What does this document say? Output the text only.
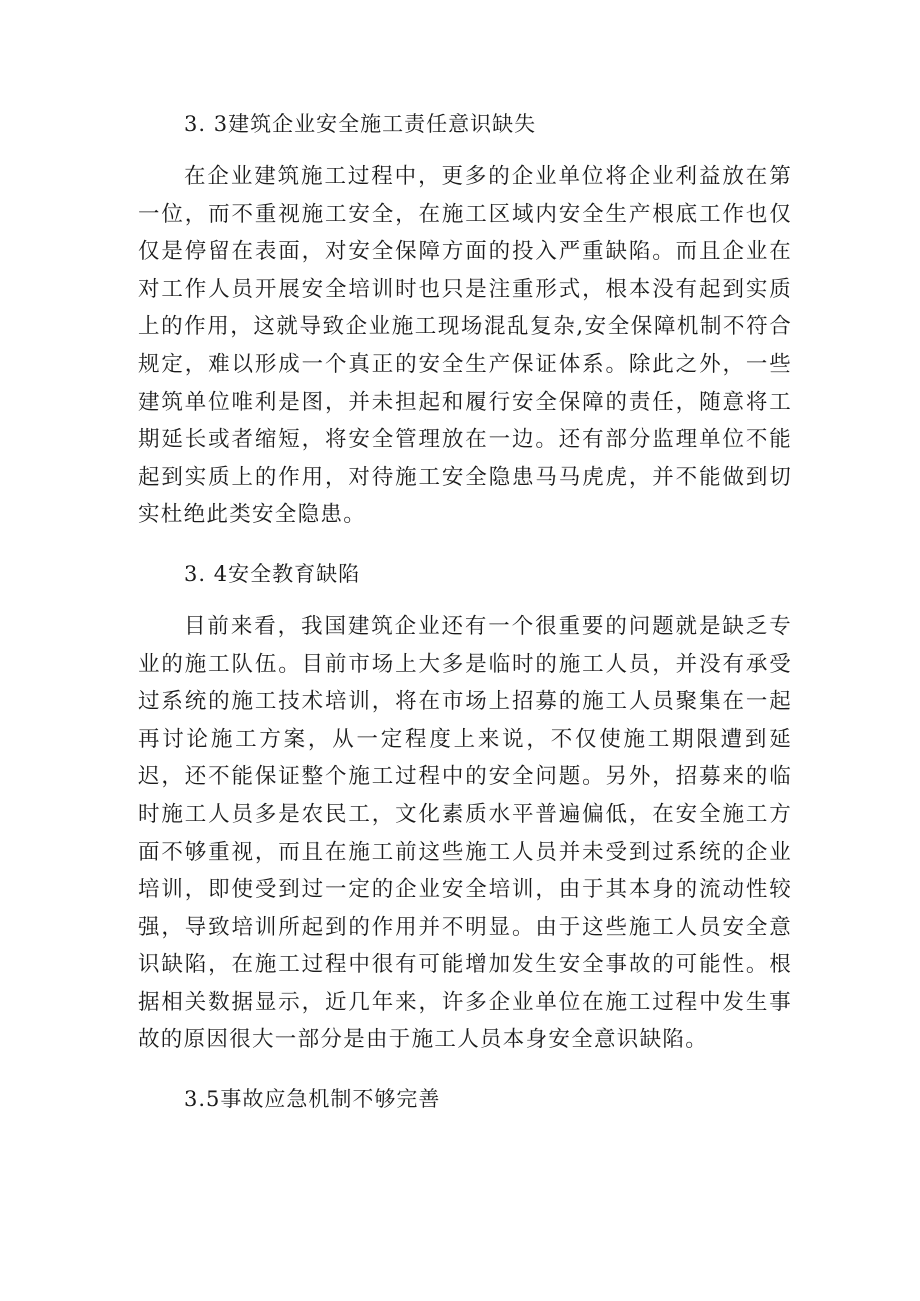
3. 3建筑企业安全施工责任意识缺失

在企业建筑施工过程中，更多的企业单位将企业利益放在第一位，而不重视施工安全，在施工区域内安全生产根底工作也仅仅是停留在表面，对安全保障方面的投入严重缺陷。而且企业在对工作人员开展安全培训时也只是注重形式，根本没有起到实质上的作用，这就导致企业施工现场混乱复杂,安全保障机制不符合规定，难以形成一个真正的安全生产保证体系。除此之外，一些建筑单位唯利是图，并未担起和履行安全保障的责任，随意将工期延长或者缩短，将安全管理放在一边。还有部分监理单位不能起到实质上的作用，对待施工安全隐患马马虎虎，并不能做到切实杜绝此类安全隐患。

3. 4安全教育缺陷

目前来看，我国建筑企业还有一个很重要的问题就是缺乏专业的施工队伍。目前市场上大多是临时的施工人员，并没有承受过系统的施工技术培训，将在市场上招募的施工人员聚集在一起再讨论施工方案，从一定程度上来说，不仅使施工期限遭到延迟，还不能保证整个施工过程中的安全问题。另外，招募来的临时施工人员多是农民工，文化素质水平普遍偏低，在安全施工方面不够重视，而且在施工前这些施工人员并未受到过系统的企业培训，即使受到过一定的企业安全培训，由于其本身的流动性较强，导致培训所起到的作用并不明显。由于这些施工人员安全意识缺陷，在施工过程中很有可能增加发生安全事故的可能性。根据相关数据显示，近几年来，许多企业单位在施工过程中发生事故的原因很大一部分是由于施工人员本身安全意识缺陷。

3.5事故应急机制不够完善
